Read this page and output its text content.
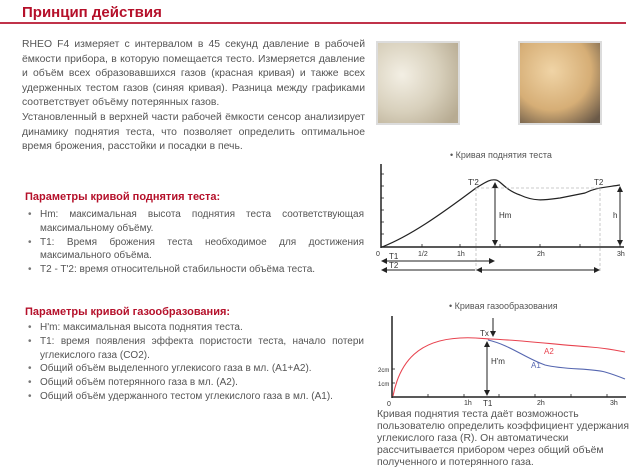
Принцип действия

RHEO F4 измеряет с интервалом в 45 секунд давление в рабочей ёмкости прибора, в которую помещается тесто. Измеряется давление и объём всех образовавшихся газов (красная кривая) и также всех удерженных тестом газов (синяя кривая). Разница между графиками соответствует объёму потерянных газов.

Установленный в верхней части рабочей ёмкости сенсор анализирует динамику поднятия теста, что позволяет определить оптимальное время брожения, расстойки и посадки в печь.

Параметры кривой поднятия теста:
• Hm: максимальная высота поднятия теста соответствующая максимальному объёму.
• T1: Время брожения теста необходимое для достижения максимального объёма.
• T2 - T'2: время относительной стабильности объёма теста.
Параметры кривой газообразования:
• H'm: максимальная высота поднятия теста.
• T1: время появления эффекта пористости теста, начало потери углекислого газа (CO2).
• Общий объём выделенного углекисого газа в мл. (A1+A2).
• Общий объём потерянного газа в мл. (A2).
• Общий объём удержанного тестом углекислого газа в мл. (A1).
• Кривая поднятия теста
• Кривая газообразования
0	1/2	1h	2h	3h
T'2	T2
Hm	h
T1
T2
0	1h	2h	3h
1cm
2cm
Tx
H'm	A1
A2
T1
Кривая поднятия теста даёт возможность пользователю определить коэффициент удержания углекислого газа (R). Он автоматически рассчитывается прибором через общий объём полученного и потерянного газа.
